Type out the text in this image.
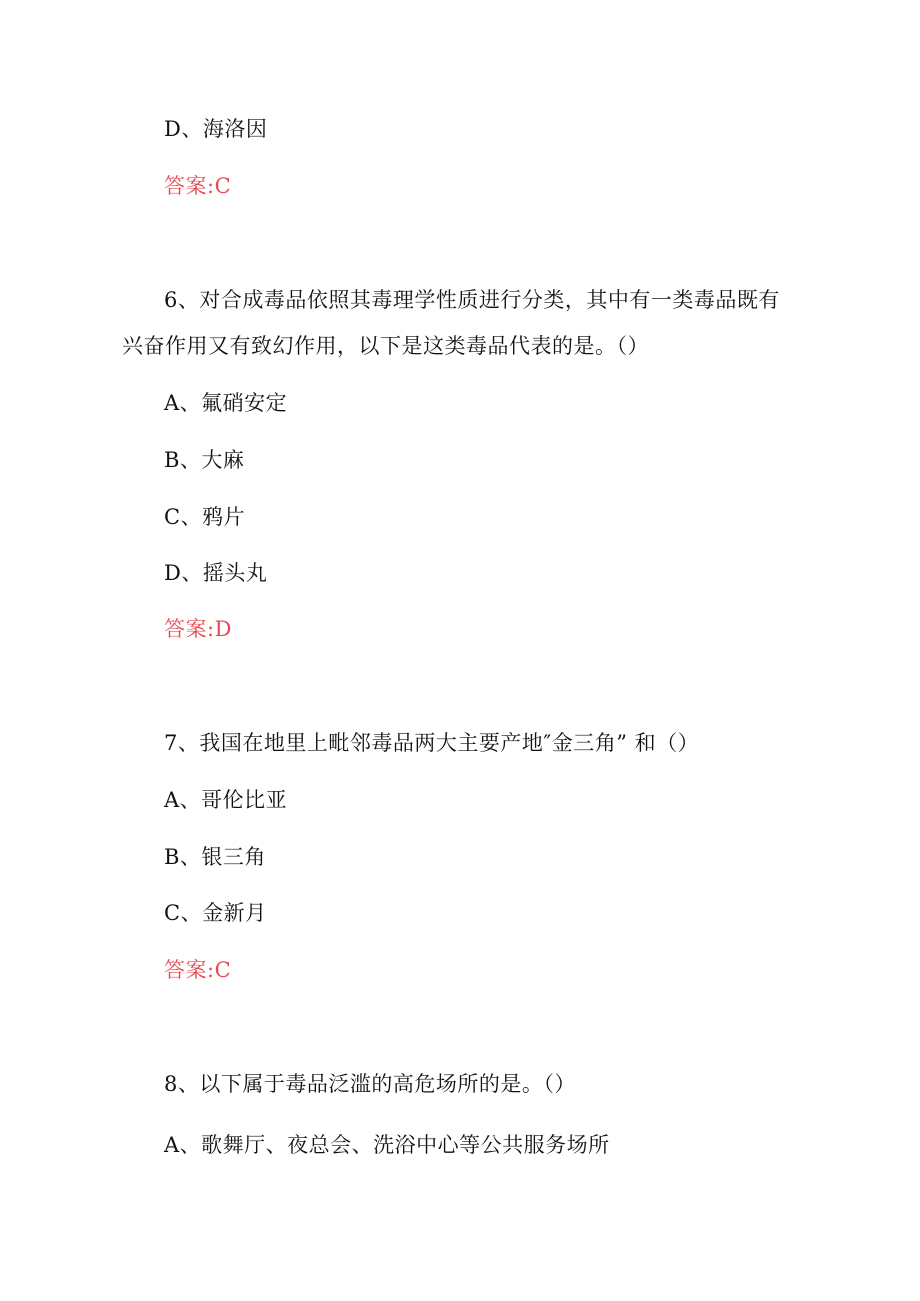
D、海洛因
答案:C
6、对合成毒品依照其毒理学性质进行分类，其中有一类毒品既有
兴奋作用又有致幻作用，以下是这类毒品代表的是。（）
A、氟硝安定
B、大麻
C、鸦片
D、摇头丸
答案:D
7、我国在地里上毗邻毒品两大主要产地″金三角” 和（）
A、哥伦比亚
B、银三角
C、金新月
答案:C
8、以下属于毒品泛滥的高危场所的是。（）
A、歌舞厅、夜总会、洗浴中心等公共服务场所
